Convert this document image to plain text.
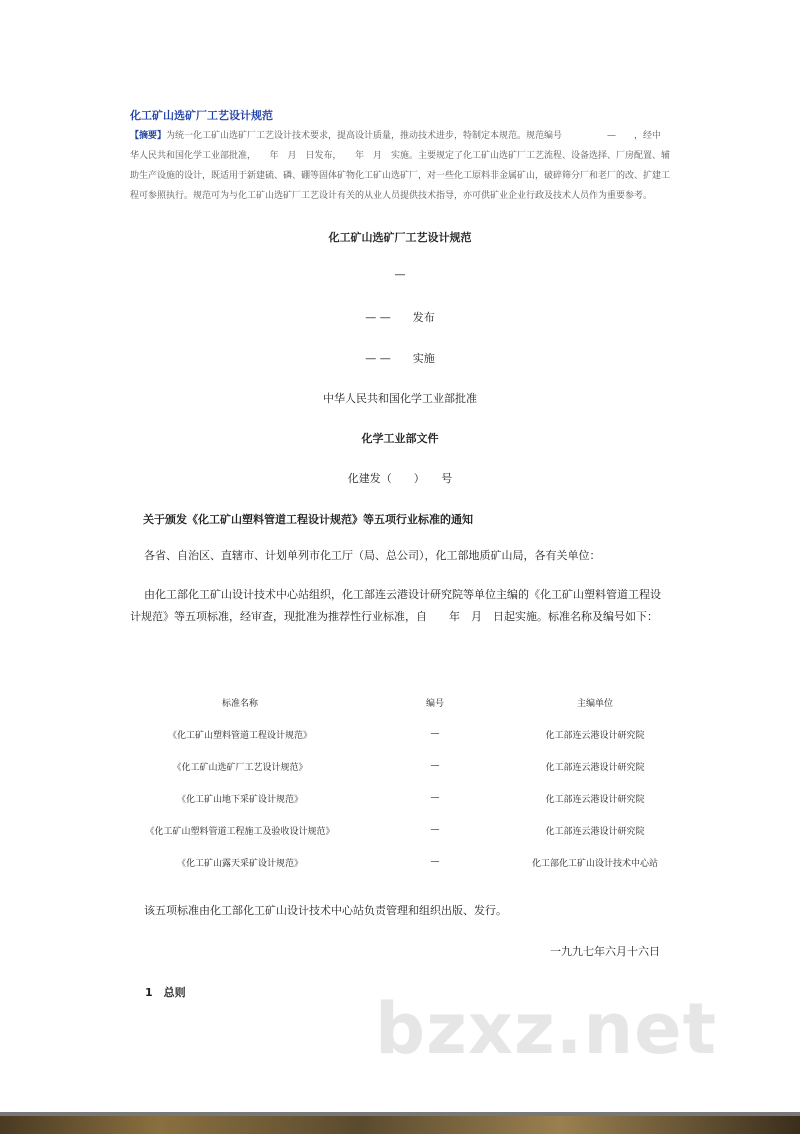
化工矿山选矿厂工艺设计规范
【摘要】为统一化工矿山选矿厂工艺设计技术要求，提高设计质量，推动技术进步，特制定本规范。规范编号　　　　　—　　，经中华人民共和国化学工业部批准，　　年　月　日发布，　　年　月　实施。主要规定了化工矿山选矿厂工艺流程、设备选择、厂房配置、辅助生产设施的设计，既适用于新建硫、磷、硼等固体矿物化工矿山选矿厂，对一些化工原料非金属矿山，破碎筛分厂和老厂的改、扩建工程可参照执行。规范可为与化工矿山选矿厂工艺设计有关的从业人员提供技术指导，亦可供矿业企业行政及技术人员作为重要参考。
化工矿山选矿厂工艺设计规范
—
— —　　发布
— —　　实施
中华人民共和国化学工业部批准
化学工业部文件
化建发（　　）　　号
关于颁发《化工矿山塑料管道工程设计规范》等五项行业标准的通知
各省、自治区、直辖市、计划单列市化工厅（局、总公司），化工部地质矿山局，各有关单位：
由化工部化工矿山设计技术中心站组织，化工部连云港设计研究院等单位主编的《化工矿山塑料管道工程设计规范》等五项标准，经审查，现批准为推荐性行业标准，自　　年　月　日起实施。标准名称及编号如下：
标准名称	编号	主编单位
《化工矿山塑料管道工程设计规范》	—	化工部连云港设计研究院
《化工矿山选矿厂工艺设计规范》	—	化工部连云港设计研究院
《化工矿山地下采矿设计规范》	—	化工部连云港设计研究院
《化工矿山塑料管道工程施工及验收设计规范》	—	化工部连云港设计研究院
《化工矿山露天采矿设计规范》	—	化工部化工矿山设计技术中心站
该五项标准由化工部化工矿山设计技术中心站负责管理和组织出版、发行。
一九九七年六月十六日
1　总则	bzxz.net
